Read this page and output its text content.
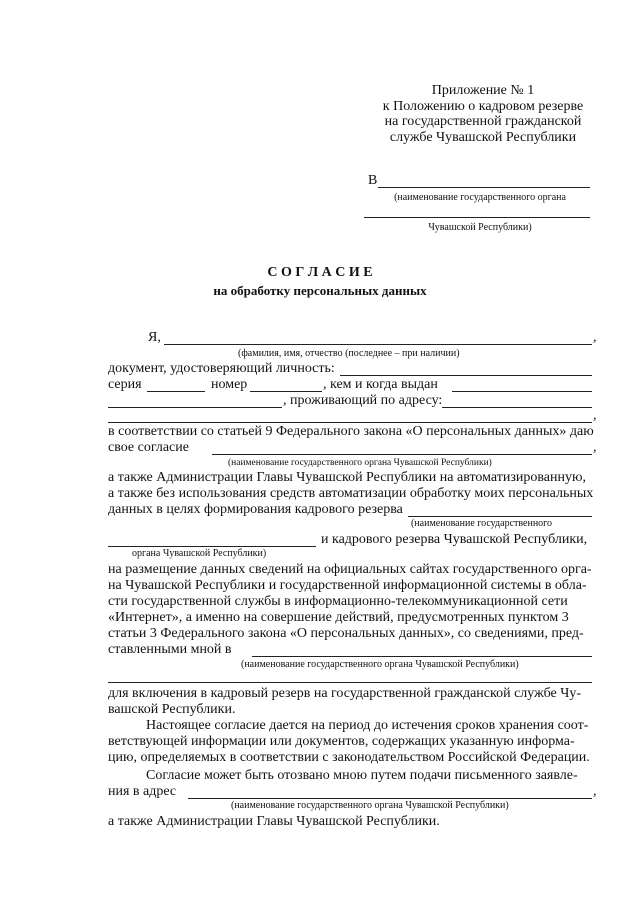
Приложение № 1
к Положению о кадровом резерве
на государственной гражданской
службе Чувашской Республики
В
(наименование государственного органа
Чувашской Республики)
С О Г Л А С И Е
на обработку персональных данных
Я,	,
(фамилия, имя, отчество (последнее – при наличии)
документ, удостоверяющий личность:
серия	номер	, кем и когда выдан
, проживающий по адресу:
,
в соответствии со статьей 9 Федерального закона «О персональных данных» даю
свое согласие	,
(наименование государственного органа Чувашской Республики)
а также Администрации Главы Чувашской Республики на автоматизированную,
а также без использования средств автоматизации обработку моих персональных
данных в целях формирования кадрового резерва
(наименование государственного
и кадрового резерва Чувашской Республики,
органа Чувашской Республики)
на размещение данных сведений на официальных сайтах государственного орга-
на Чувашской Республики и государственной информационной системы в обла-
сти государственной службы в информационно-телекоммуникационной сети
«Интернет», а именно на совершение действий, предусмотренных пунктом 3
статьи 3 Федерального закона «О персональных данных», со сведениями, пред-
ставленными мной в
(наименование государственного органа Чувашской Республики)
для включения в кадровый резерв на государственной гражданской службе Чу-
вашской Республики.
Настоящее согласие дается на период до истечения сроков хранения соот-
ветствующей информации или документов, содержащих указанную информа-
цию, определяемых в соответствии с законодательством Российской Федерации.
Согласие может быть отозвано мною путем подачи письменного заявле-
ния в адрес	,
(наименование государственного органа Чувашской Республики)
а также Администрации Главы Чувашской Республики.
